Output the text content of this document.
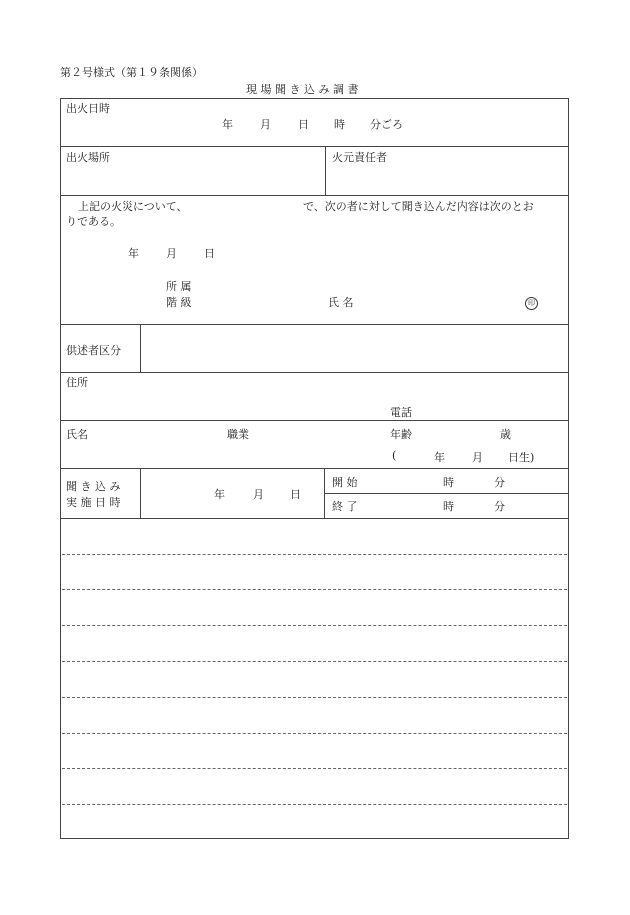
第２号様式（第１９条関係）
現 場 聞 き 込 み 調 書
出火日時
年 月 日 時 分ごろ
出火場所	火元責任者
上記の火災について、	で、次の者に対して聞き込んだ内容は次のとお
りである。
年 月 日
所 属
階 級	氏 名	印
供述者区分
住所
電話
氏名	職業	年齢	歳
(	年 月 日生)
聞 き 込 み
実 施 日 時
年	月 日
開 始	時	分
終 了	時	分
